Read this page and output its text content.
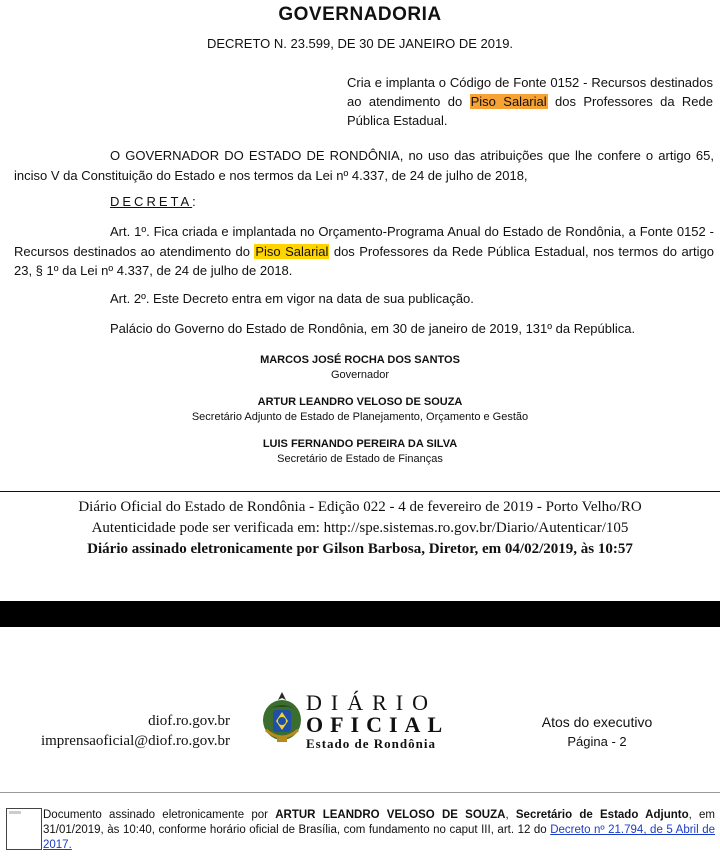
GOVERNADORIA
DECRETO N. 23.599, DE 30 DE JANEIRO DE 2019.
Cria e implanta o Código de Fonte 0152 - Recursos destinados ao atendimento do Piso Salarial dos Professores da Rede Pública Estadual.
O GOVERNADOR DO ESTADO DE RONDÔNIA, no uso das atribuições que lhe confere o artigo 65, inciso V da Constituição do Estado e nos termos da Lei nº 4.337, de 24 de julho de 2018,
DECRETA:
Art. 1º. Fica criada e implantada no Orçamento-Programa Anual do Estado de Rondônia, a Fonte 0152 - Recursos destinados ao atendimento do Piso Salarial dos Professores da Rede Pública Estadual, nos termos do artigo 23, § 1º da Lei nº 4.337, de 24 de julho de 2018.
Art. 2º. Este Decreto entra em vigor na data de sua publicação.
Palácio do Governo do Estado de Rondônia, em 30 de janeiro de 2019, 131º da República.
MARCOS JOSÉ ROCHA DOS SANTOS
Governador
ARTUR LEANDRO VELOSO DE SOUZA
Secretário Adjunto de Estado de Planejamento, Orçamento e Gestão
LUIS FERNANDO PEREIRA DA SILVA
Secretário de Estado de Finanças
Diário Oficial do Estado de Rondônia - Edição 022 - 4 de fevereiro de 2019 - Porto Velho/RO
Autenticidade pode ser verificada em: http://spe.sistemas.ro.gov.br/Diario/Autenticar/105
Diário assinado eletronicamente por Gilson Barbosa, Diretor, em 04/02/2019, às 10:57
diof.ro.gov.br
imprensaoficial@diof.ro.gov.br
DIÁRIO
OFICIAL
Estado de Rondônia
Atos do executivo
Página - 2
Documento assinado eletronicamente por ARTUR LEANDRO VELOSO DE SOUZA, Secretário de Estado Adjunto, em 31/01/2019, às 10:40, conforme horário oficial de Brasília, com fundamento no caput III, art. 12 do Decreto nº 21.794, de 5 Abril de 2017.
